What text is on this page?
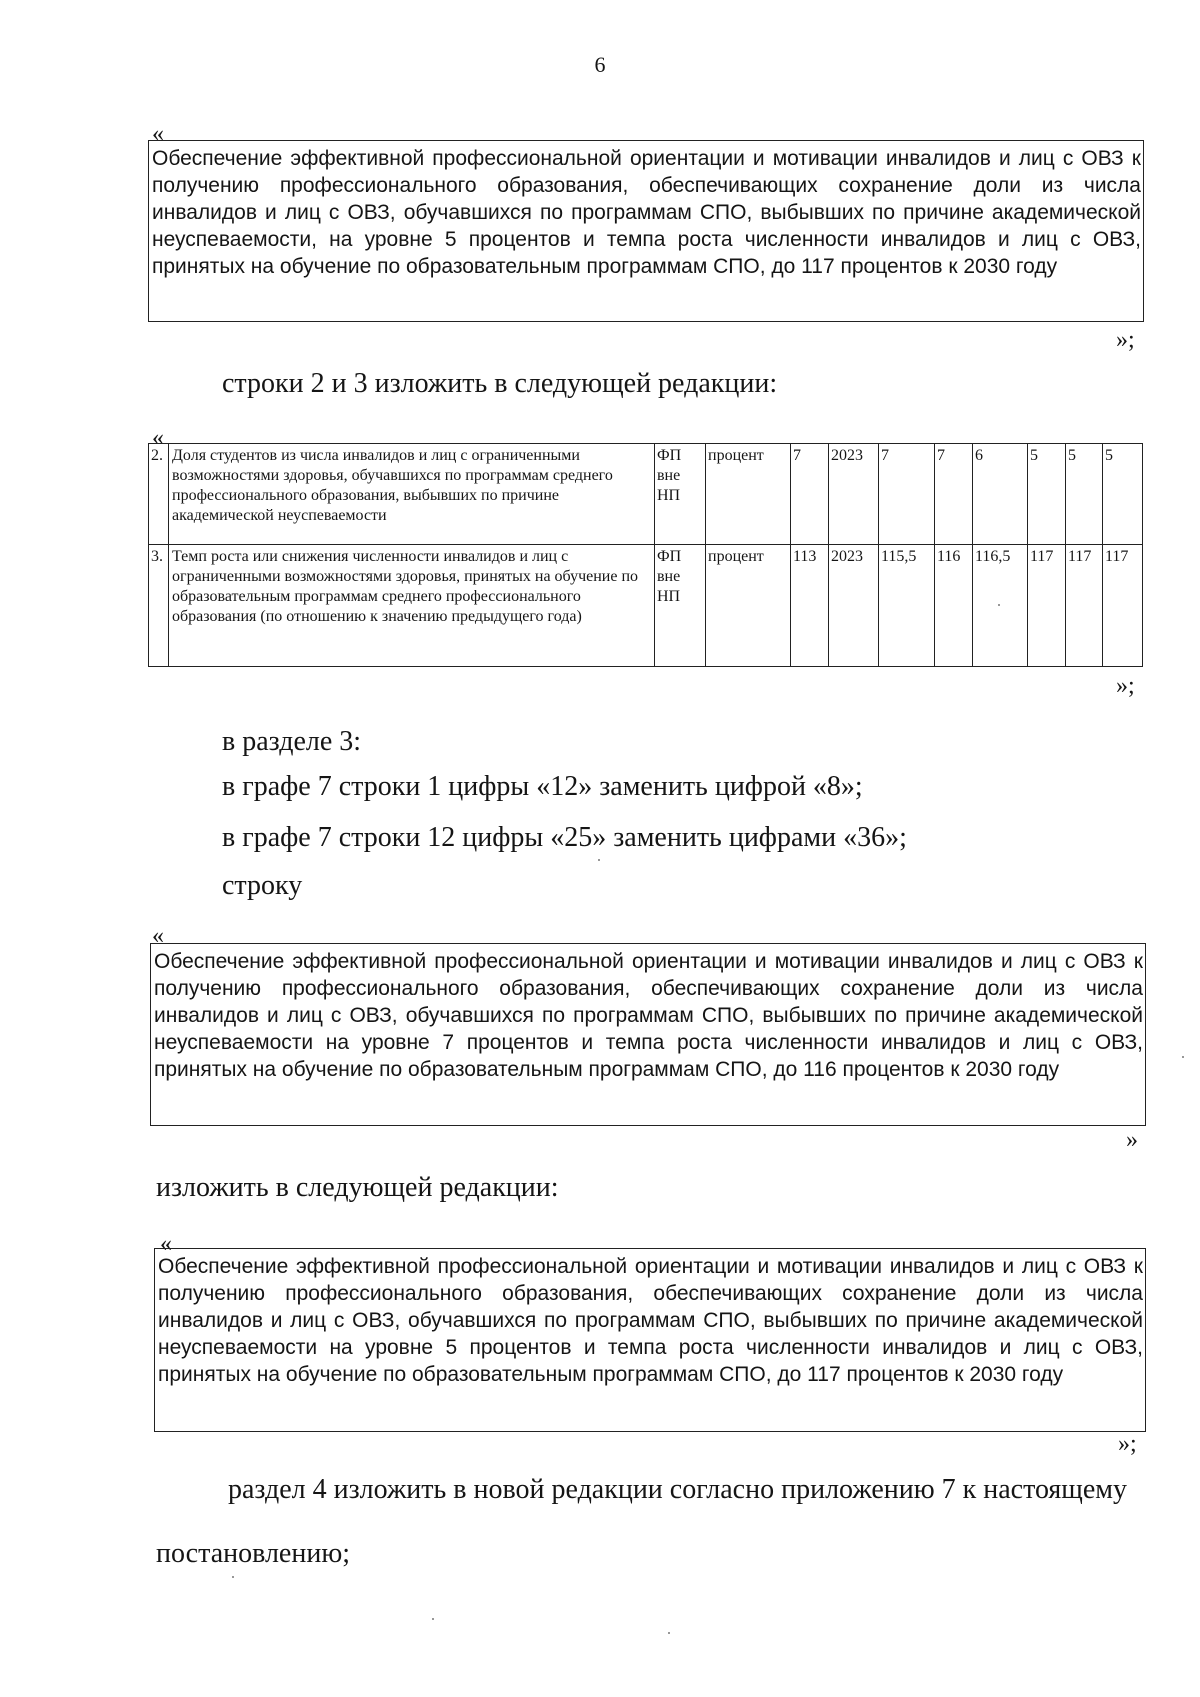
6
«
Обеспечение эффективной профессиональной ориентации и мотивации инвалидов и лиц с ОВЗ к получению профессионального образования, обеспечивающих сохранение доли из числа инвалидов и лиц с ОВЗ, обучавшихся по программам СПО, выбывших по причине академической неуспеваемости, на уровне 5 процентов и темпа роста численности инвалидов и лиц с ОВЗ, принятых на обучение по образовательным программам СПО, до 117 процентов к 2030 году
»;
строки 2 и 3 изложить в следующей редакции:
«
2.	Доля студентов из числа инвалидов и лиц с ограниченными возможностями здоровья, обучавшихся по программам среднего профессионального образования, выбывших по причине академической неуспеваемости	ФП вне НП	процент	7	2023	7	7	6	5	5	5
3.	Темп роста или снижения численности инвалидов и лиц с ограниченными возможностями здоровья, принятых на обучение по образовательным программам среднего профессионального образования (по отношению к значению предыдущего года)	ФП вне НП	процент	113	2023	115,5	116	116,5	117	117	117
»;
в разделе 3:
в графе 7 строки 1 цифры «12» заменить цифрой «8»;
в графе 7 строки 12 цифры «25» заменить цифрами «36»;
строку
«
Обеспечение эффективной профессиональной ориентации и мотивации инвалидов и лиц с ОВЗ к получению профессионального образования, обеспечивающих сохранение доли из числа инвалидов и лиц с ОВЗ, обучавшихся по программам СПО, выбывших по причине академической неуспеваемости на уровне 7 процентов и темпа роста численности инвалидов и лиц с ОВЗ, принятых на обучение по образовательным программам СПО, до 116 процентов к 2030 году
»
изложить в следующей редакции:
«
Обеспечение эффективной профессиональной ориентации и мотивации инвалидов и лиц с ОВЗ к получению профессионального образования, обеспечивающих сохранение доли из числа инвалидов и лиц с ОВЗ, обучавшихся по программам СПО, выбывших по причине академической неуспеваемости на уровне 5 процентов и темпа роста численности инвалидов и лиц с ОВЗ, принятых на обучение по образовательным программам СПО, до 117 процентов к 2030 году
»;
раздел 4 изложить в новой редакции согласно приложению 7 к настоящему
постановлению;
